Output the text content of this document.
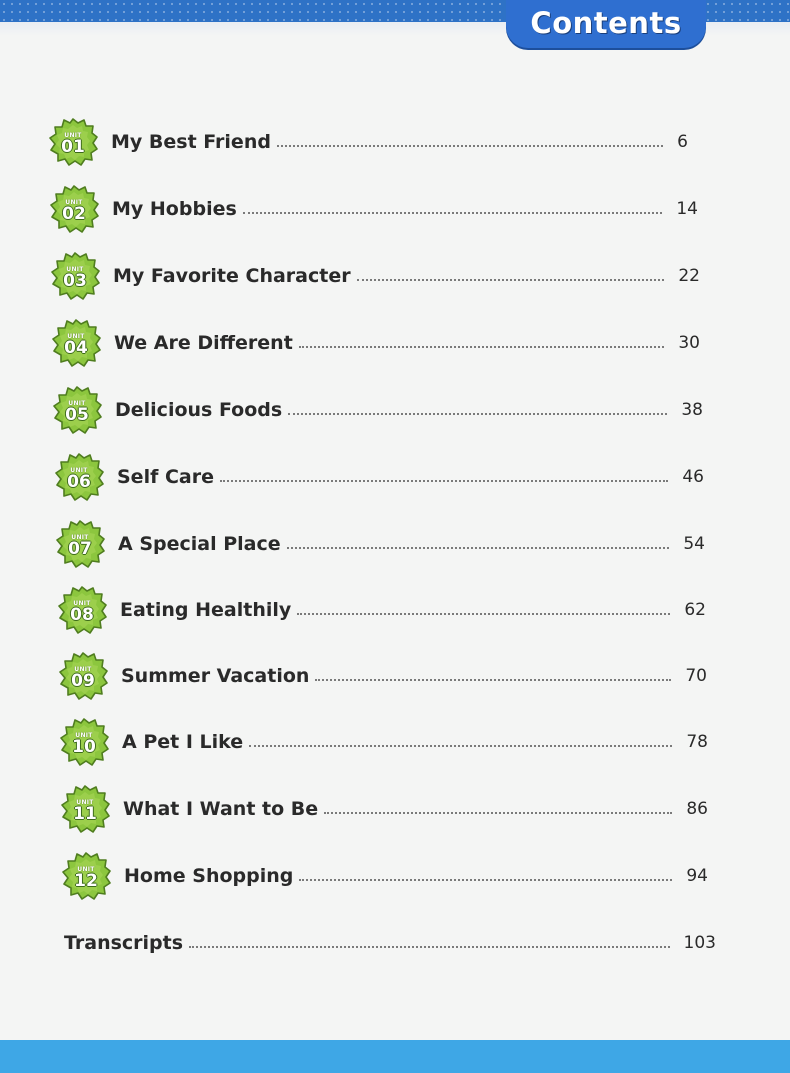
Contents
UNIT
01 My Best Friend	6
UNIT
02 My Hobbies	14
UNIT
03 My Favorite Character	22
UNIT
04 We Are Different	30
UNIT
05 Delicious Foods	38
UNIT
06 Self Care	46
UNIT
07 A Special Place	54
UNIT
08 Eating Healthily	62
UNIT
09 Summer Vacation	70
UNIT
10 A Pet I Like	78
UNIT
11 What I Want to Be	86
UNIT
12 Home Shopping	94
Transcripts	103
